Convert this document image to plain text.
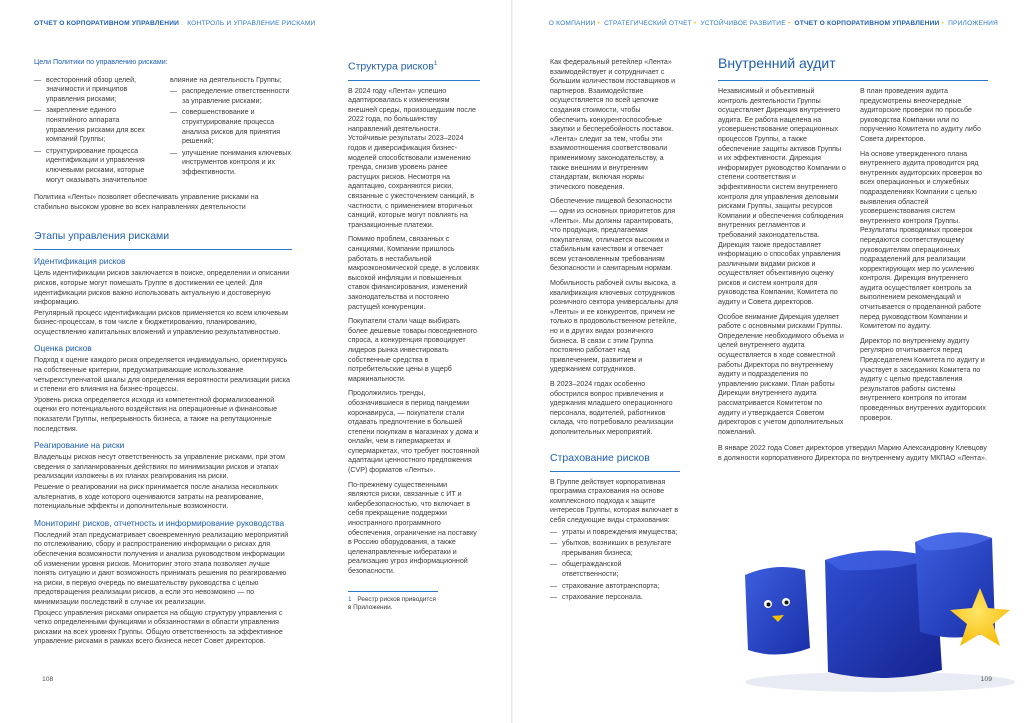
ОТЧЕТ О КОРПОРАТИВНОМ УПРАВЛЕНИИ . КОНТРОЛЬ И УПРАВЛЕНИЕ РИСКАМИ	О КОМПАНИИ • СТРАТЕГИЧЕСКИЙ ОТЧЕТ • УСТОЙЧИВОЕ РАЗВИТИЕ • ОТЧЕТ О КОРПОРАТИВНОМ УПРАВЛЕНИИ • ПРИЛОЖЕНИЯ

Цели Политики по управлению рисками:

— всесторонний обзор целей, значимости и принципов управления рисками;
— закрепление единого понятийного аппарата управления рисками для всех компаний Группы;
— структурирование процесса идентификации и управления ключевыми рисками, которые могут оказывать значительное

влияние на деятельность Группы;

— распределение ответственности за управление рисками;
— совершенствование и структурирование процесса анализа рисков для принятия решений;
— улучшение понимания ключевых инструментов контроля и их эффективности.

Политика «Ленты» позволяет обеспечивать управление рисками на стабильно высоком уровне во всех направлениях деятельности

Этапы управления рисками
Идентификация рисков

Цель идентификации рисков заключается в поиске, определении и описании рисков, которые могут помешать Группе в достижении ее целей. Для идентификации рисков важно использовать актуальную и достоверную информацию.

Регулярный процесс идентификации рисков применяется ко всем ключевым бизнес-процессам, в том числе к бюджетированию, планированию, осуществлению капитальных вложений и управлению результативностью.

Оценка рисков

Подход к оценке каждого риска определяется индивидуально, ориентируясь на собственные критерии, предусматривающие использование четырехступенчатой шкалы для определения вероятности реализации риска и степени его влияния на бизнес-процессы.

Уровень риска определяется исходя из компетентной формализованной оценки его потенциального воздействия на операционные и финансовые показатели Группы, непрерывность бизнеса, а также на репутационные последствия.

Реагирование на риски

Владельцы рисков несут ответственность за управление рисками, при этом сведения о запланированных действиях по минимизации рисков и этапах реализации изложены в их планах реагирования на риски.

Решение о реагировании на риск принимается после анализа нескольких альтернатив, в ходе которого оцениваются затраты на реагирование, потенциальные эффекты и дополнительные возможности.

Мониторинг рисков, отчетность и информирование руководства

Последний этап предусматривает своевременную реализацию мероприятий по отслеживанию, сбору и распространению информации о рисках для обеспечения возможности получения и анализа руководством информации об изменении уровня рисков. Мониторинг этого этапа позволяет лучше понять ситуацию и дают возможность принимать решения по реагированию на риски, в первую очередь по вмешательству руководства с целью предотвращения реализации рисков, а если это невозможно — по минимизации последствий в случае их реализации.

Процесс управления рисками опирается на общую структуру управления с четко определенными функциями и обязанностями в области управления рисками на всех уровнях Группы. Общую ответственность за эффективное управление рисками в рамках всего бизнеса несет Совет директоров.

Структура рисков$^1$

В 2024 году «Лента» успешно адаптировалась к изменениям внешней среды, произошедшим после 2022 года, по большинству направлений деятельности. Устойчивые результаты 2023–2024 годов и диверсификация бизнес-моделей способствовали изменению тренда, снизив уровень ранее растущих рисков. Несмотря на адаптацию, сохраняются риски, связанные с ужесточением санкций, в частности, с применением вторичных санкций, которые могут повлиять на транзакционные платежи.

Помимо проблем, связанных с санкциями, Компании пришлось работать в нестабильной макроэкономической среде, в условиях высокой инфляции и повышенных ставок финансирования, изменений законодательства и постоянно растущей конкуренции.

Покупатели стали чаще выбирать более дешевые товары повседневного спроса, а конкуренция провоцирует лидеров рынка инвестировать собственные средства в потребительские цены в ущерб маржинальности.

Продолжились тренды, обозначившиеся в период пандемии коронавируса, — покупатели стали отдавать предпочтение в большей степени покупкам в магазинах у дома и онлайн, чем в гипермаркетах и супермаркетах, что требует постоянной адаптации ценностного предложения (CVP) форматов «Ленты».

По-прежнему существенными являются риски, связанные с ИТ и кибербезопасностью, что включает в себя прекращение поддержки иностранного программного обеспечения, ограничение на поставку в Россию оборудования, а также целенаправленные кибератаки и реализацию угроз информационной безопасности.

1 Реестр рисков приводится в Приложении.
108

Как федеральный ретейлер «Лента» взаимодействует и сотрудничает с большим количеством поставщиков и партнеров. Взаимодействие осуществляется по всей цепочке создания стоимости, чтобы обеспечить конкурентоспособные закупки и бесперебойность поставок. «Лента» следит за тем, чтобы эти взаимоотношения соответствовали применимому законодательству, а также внешним и внутренним стандартам, включая нормы этического поведения.

Обеспечение пищевой безопасности — одни из основных приоритетов для «Ленты». Мы должны гарантировать, что продукция, предлагаемая покупателям, отличается высоким и стабильным качеством и отвечает всем установленным требованиям безопасности и санитарным нормам.

Мобильность рабочей силы высока, а квалификация ключевых сотрудников розничного сектора универсальны для «Ленты» и ее конкурентов, причем не только в продовольственном ретейле, но и в других видах розничного бизнеса. В связи с этим Группа постоянно работает над привлечением, развитием и удержанием сотрудников.

В 2023–2024 годах особенно обострился вопрос привлечения и удержания младшего операционного персонала, водителей, работников склада, что потребовало реализации дополнительных мероприятий.

Страхование рисков

В Группе действует корпоративная программа страхования на основе комплексного подхода к защите интересов Группы, которая включает в себя следующие виды страхования:

— утраты и повреждения имущества;
— убытков, возникших в результате прерывания бизнеса;
— общегражданской ответственности;
— страхование автотранспорта;
— страхование персонала.
Внутренний аудит

Независимый и объективный контроль деятельности Группы осуществляет Дирекция внутреннего аудита. Ее работа нацелена на усовершенствование операционных процессов Группы, а также обеспечение защиты активов Группы и их эффективности. Дирекция информирует руководство Компании о степени соответствия и эффективности систем внутреннего контроля для управления деловыми рисками Группы, защиты ресурсов Компании и обеспечения соблюдения внутренних регламентов и требований законодательства. Дирекция также предоставляет информацию о способах управления различными видами рисков и осуществляет объективную оценку рисков и систем контроля для руководства Компании, Комитета по аудиту и Совета директоров.

Особое внимание Дирекция уделяет работе с основными рисками Группы. Определение необходимого объема и целей внутреннего аудита осуществляется в ходе совместной работы Директора по внутреннему аудиту и подразделения по управлению рисками. План работы Дирекции внутреннего аудита рассматривается Комитетом по аудиту и утверждается Советом директоров с учетом дополнительных пожеланий.

В план проведения аудита предусмотрены внеочередные аудиторские проверки по просьбе руководства Компании или по поручению Комитета по аудиту либо Совета директоров.

На основе утвержденного плана внутреннего аудита проводится ряд внутренних аудиторских проверок во всех операционных и служебных подразделениях Компании с целью выявления областей усовершенствования систем внутреннего контроля Группы. Результаты проводимых проверок передаются соответствующему руководителям операционных подразделений для реализации корректирующих мер по усилению контроля. Дирекция внутреннего аудита осуществляет контроль за выполнением рекомендаций и отчитывается о проделанной работе перед руководством Компании и Комитетом по аудиту.

Директор по внутреннему аудиту регулярно отчитывается перед Председателем Комитета по аудиту и участвует в заседаниях Комитета по аудиту с целью представления результатов работы системы внутреннего контроля по итогам проведенных внутренних аудиторских проверок.

В январе 2022 года Совет директоров утвердил Марию Александровну Клевцову в должности корпоративного Директора по внутреннему аудиту МКПАО «Лента».

109
